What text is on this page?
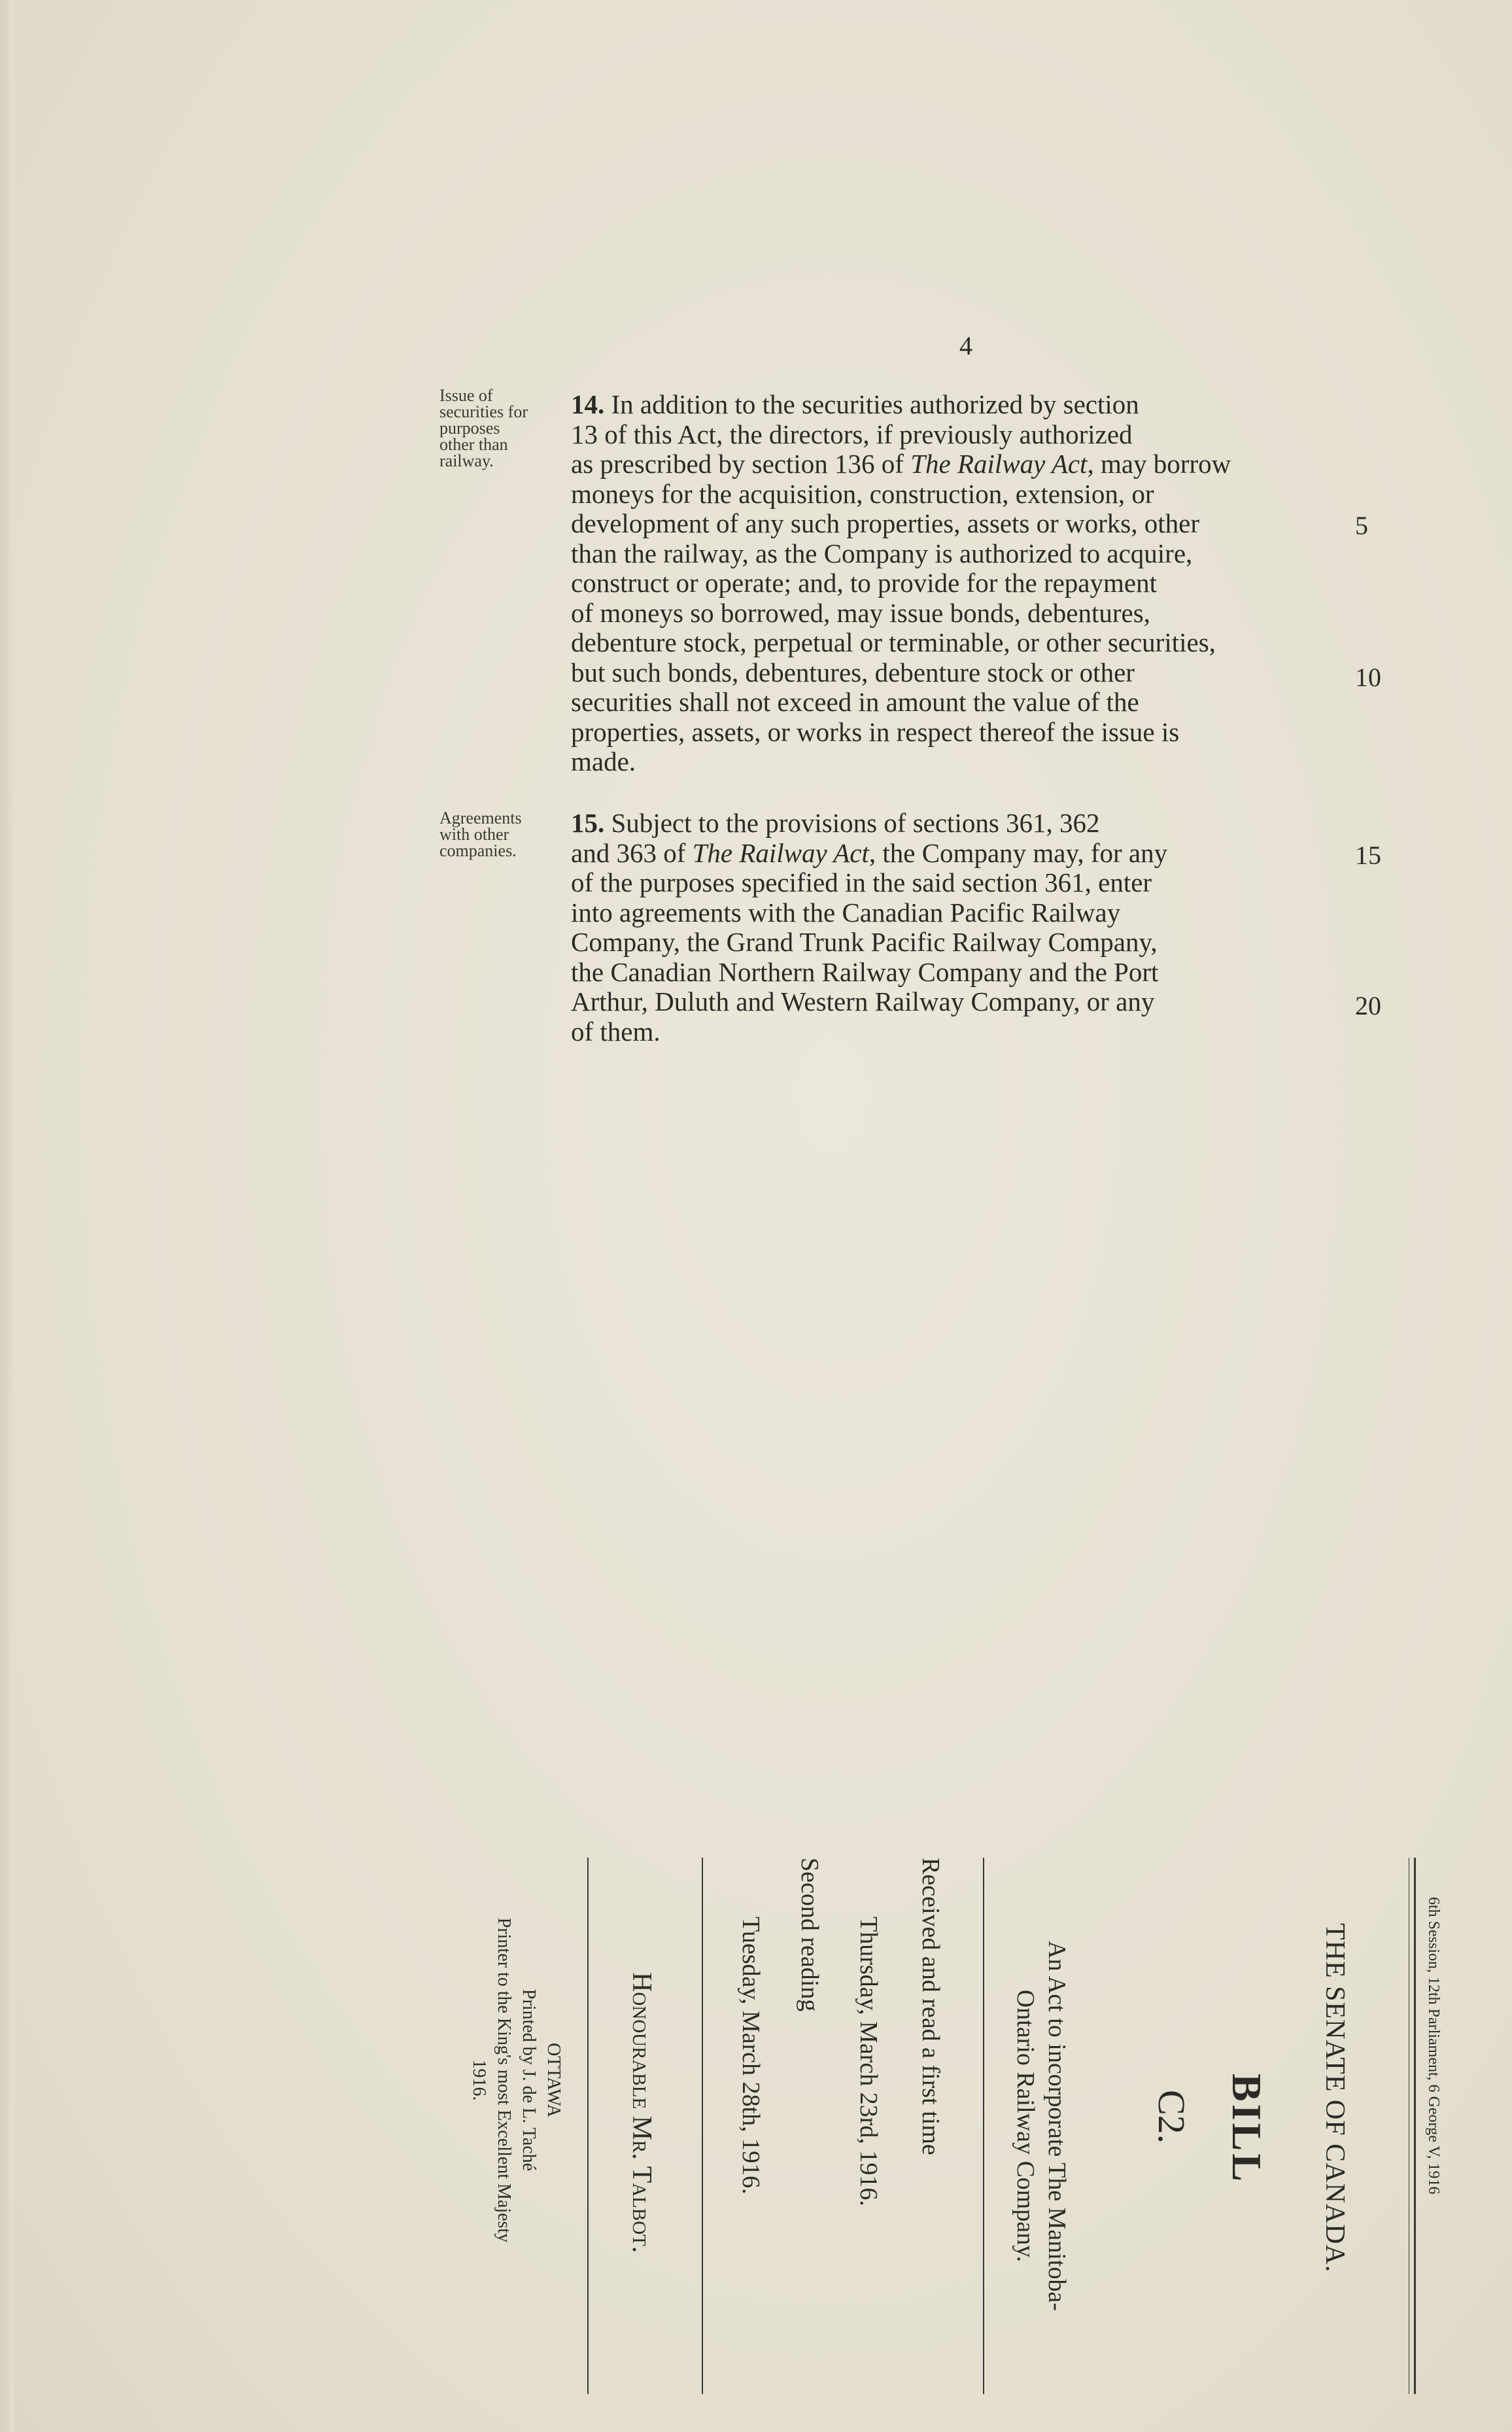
4
Issue of
securities for
purposes
other than
railway.
14. In addition to the securities authorized by section
13 of this Act, the directors, if previously authorized
as prescribed by section 136 of The Railway Act, may borrow
moneys for the acquisition, construction, extension, or
development of any such properties, assets or works, other
than the railway, as the Company is authorized to acquire,
construct or operate; and, to provide for the repayment
of moneys so borrowed, may issue bonds, debentures,
debenture stock, perpetual or terminable, or other securities,
but such bonds, debentures, debenture stock or other
securities shall not exceed in amount the value of the
properties, assets, or works in respect thereof the issue is
made.
5
10
Agreements
with other
companies.
15. Subject to the provisions of sections 361, 362
and 363 of The Railway Act, the Company may, for any
of the purposes specified in the said section 361, enter
into agreements with the Canadian Pacific Railway
Company, the Grand Trunk Pacific Railway Company,
the Canadian Northern Railway Company and the Port
Arthur, Duluth and Western Railway Company, or any
of them.
15
20
6th Session, 12th Parliament, 6 George V, 1916
THE SENATE OF CANADA.
BILL
C2.
An Act to incorporate The Manitoba-
Ontario Railway Company.
Received and read a first time
Thursday, March 23rd, 1916.
Second reading
Tuesday, March 28th, 1916.
Honourable Mr. Talbot.
OTTAWA
Printed by J. de L. Taché
Printer to the King's most Excellent Majesty
1916.
